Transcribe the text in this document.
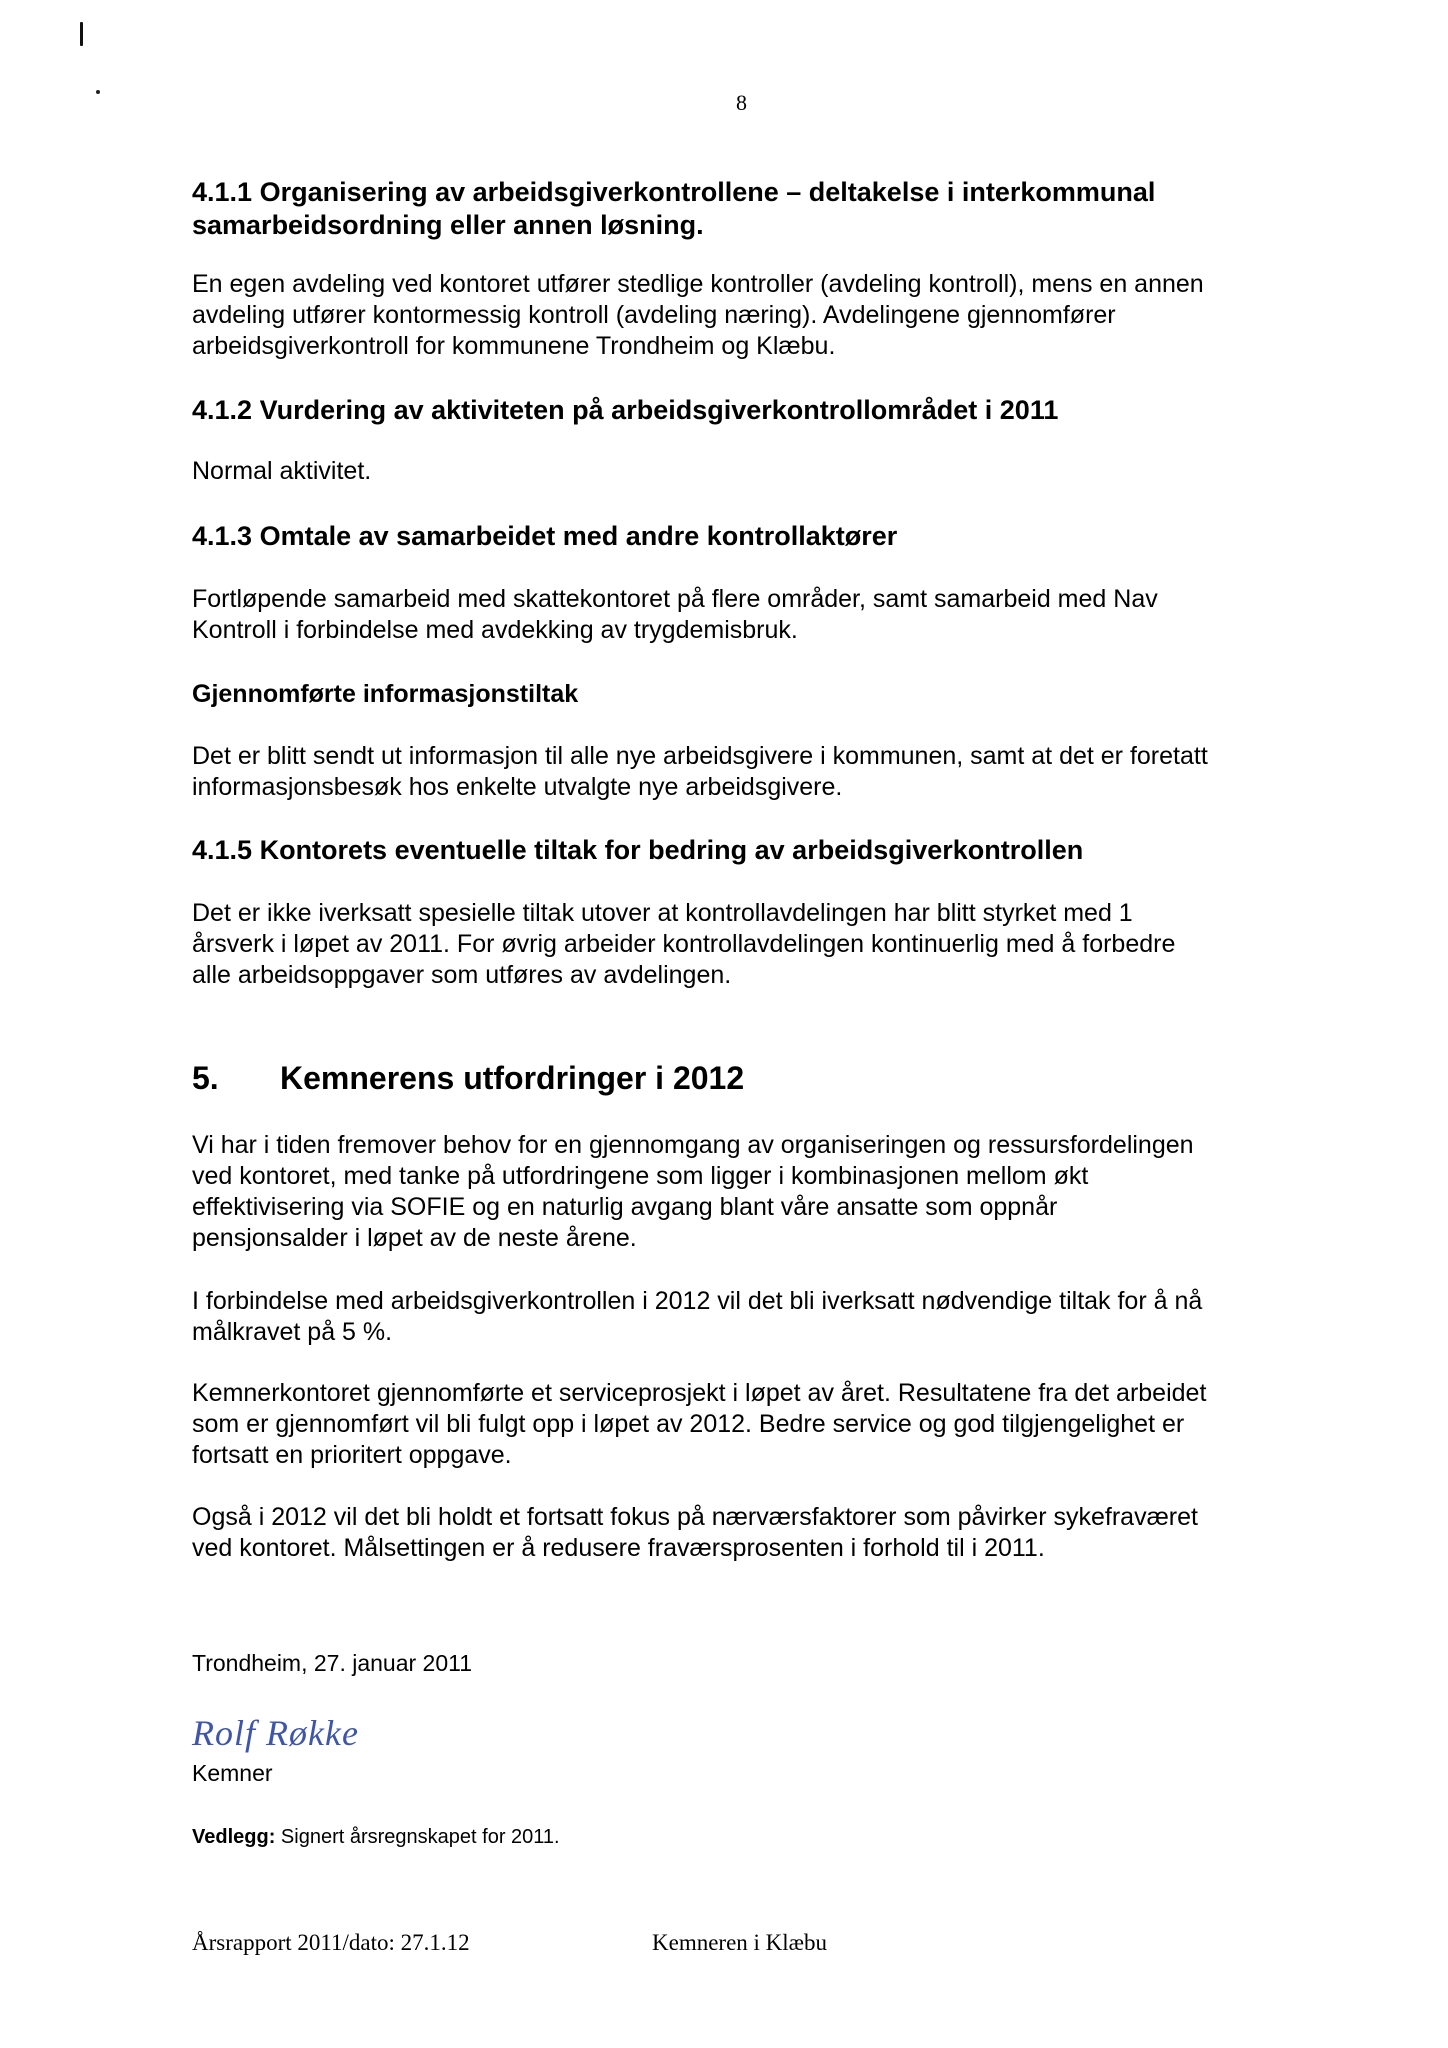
8
4.1.1 Organisering av arbeidsgiverkontrollene – deltakelse i interkommunal
samarbeidsordning eller annen løsning.
En egen avdeling ved kontoret utfører stedlige kontroller (avdeling kontroll), mens en annen
avdeling utfører kontormessig kontroll (avdeling næring). Avdelingene gjennomfører
arbeidsgiverkontroll for kommunene Trondheim og Klæbu.
4.1.2 Vurdering av aktiviteten på arbeidsgiverkontrollområdet i 2011
Normal aktivitet.
4.1.3 Omtale av samarbeidet med andre kontrollaktører
Fortløpende samarbeid med skattekontoret på flere områder, samt samarbeid med Nav
Kontroll i forbindelse med avdekking av trygdemisbruk.
Gjennomførte informasjonstiltak
Det er blitt sendt ut informasjon til alle nye arbeidsgivere i kommunen, samt at det er foretatt
informasjonsbesøk hos enkelte utvalgte nye arbeidsgivere.
4.1.5 Kontorets eventuelle tiltak for bedring av arbeidsgiverkontrollen
Det er ikke iverksatt spesielle tiltak utover at kontrollavdelingen har blitt styrket med 1
årsverk i løpet av 2011. For øvrig arbeider kontrollavdelingen kontinuerlig med å forbedre
alle arbeidsoppgaver som utføres av avdelingen.
5. Kemnerens utfordringer i 2012
Vi har i tiden fremover behov for en gjennomgang av organiseringen og ressursfordelingen
ved kontoret, med tanke på utfordringene som ligger i kombinasjonen mellom økt
effektivisering via SOFIE og en naturlig avgang blant våre ansatte som oppnår
pensjonsalder i løpet av de neste årene.
I forbindelse med arbeidsgiverkontrollen i 2012 vil det bli iverksatt nødvendige tiltak for å nå
målkravet på 5 %.
Kemnerkontoret gjennomførte et serviceprosjekt i løpet av året. Resultatene fra det arbeidet
som er gjennomført vil bli fulgt opp i løpet av 2012. Bedre service og god tilgjengelighet er
fortsatt en prioritert oppgave.
Også i 2012 vil det bli holdt et fortsatt fokus på nærværsfaktorer som påvirker sykefraværet
ved kontoret. Målsettingen er å redusere fraværsprosenten i forhold til i 2011.
Trondheim, 27. januar 2011
Rolf Røkke
Kemner
Vedlegg: Signert årsregnskapet for 2011.
Årsrapport 2011/dato: 27.1.12	Kemneren i Klæbu
